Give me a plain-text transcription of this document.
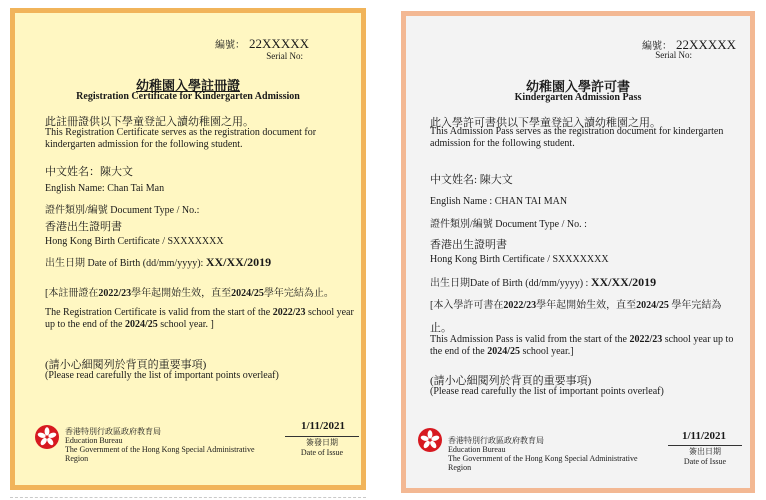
編號： 22XXXXX
Serial No:
幼稚園入學註冊證
Registration Certificate for Kindergarten Admission
此註冊證供以下學童登記入讀幼稚園之用。
This Registration Certificate serves as the registration document for kindergarten admission for the following student.
中文姓名：陳大文
English Name: Chan Tai Man
證件類別/編號 Document Type / No.:
香港出生證明書
Hong Kong Birth Certificate / SXXXXXXX
出生日期 Date of Birth (dd/mm/yyyy): XX/XX/2019
[本註冊證在2022/23學年起開始生效，直至2024/25學年完結為止。
The Registration Certificate is valid from the start of the 2022/23 school year up to the end of the 2024/25 school year. ]
(請小心細閱列於背頁的重要事項)
(Please read carefully the list of important points overleaf)
香港特別行政區政府教育局
Education Bureau
The Government of the Hong Kong Special Administrative
Region
1/11/2021
簽發日期
Date of Issue
編號： 22XXXXX
Serial No:
幼稚園入學許可書
Kindergarten Admission Pass
此入學許可書供以下學童登記入讀幼稚園之用。
This Admission Pass serves as the registration document for kindergarten admission for the following student.
中文姓名: 陳大文
English Name : CHAN TAI MAN
證件類別/編號 Document Type / No. :
香港出生證明書
Hong Kong Birth Certificate / SXXXXXXX
出生日期Date of Birth (dd/mm/yyyy) : XX/XX/2019
[本入學許可書在2022/23學年起開始生效，直至2024/25 學年完結為
止。
This Admission Pass is valid from the start of the 2022/23 school year up to the end of the 2024/25 school year.]
(請小心細閱列於背頁的重要事項)
(Please read carefully the list of important points overleaf)
香港特別行政區政府教育局
Education Bureau
The Government of the Hong Kong Special Administrative
Region
1/11/2021
簽出日期
Date of Issue
